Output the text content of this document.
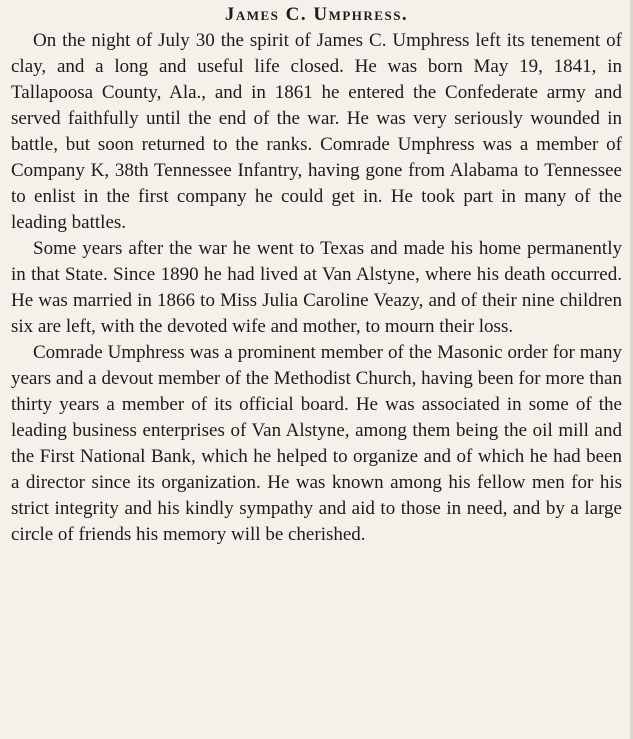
James C. Umphress.

On the night of July 30 the spirit of James C. Umphress left its tenement of clay, and a long and useful life closed. He was born May 19, 1841, in Tallapoosa County, Ala., and in 1861 he entered the Confederate army and served faithfully until the end of the war. He was very seriously wounded in battle, but soon returned to the ranks. Comrade Umphress was a member of Company K, 38th Tennessee Infantry, having gone from Alabama to Tennessee to enlist in the first company he could get in. He took part in many of the leading battles.

Some years after the war he went to Texas and made his home permanently in that State. Since 1890 he had lived at Van Alstyne, where his death occurred. He was married in 1866 to Miss Julia Caroline Veazy, and of their nine children six are left, with the devoted wife and mother, to mourn their loss.

Comrade Umphress was a prominent member of the Masonic order for many years and a devout member of the Methodist Church, having been for more than thirty years a member of its official board. He was associated in some of the leading business enterprises of Van Alstyne, among them being the oil mill and the First National Bank, which he helped to organize and of which he had been a director since its organization. He was known among his fellow men for his strict integrity and his kindly sympathy and aid to those in need, and by a large circle of friends his memory will be cherished.
